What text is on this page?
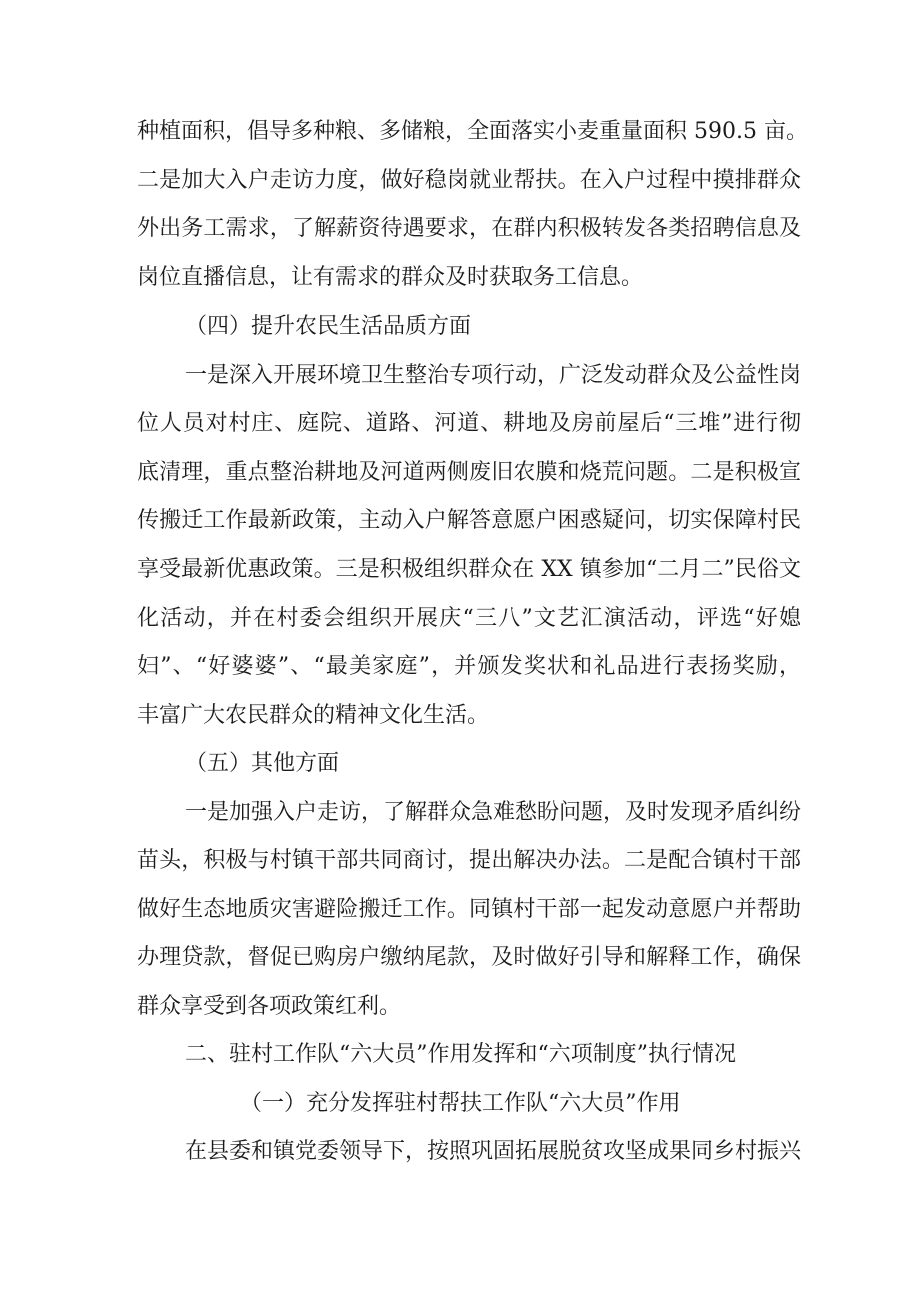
种植面积，倡导多种粮、多储粮，全面落实小麦重量面积 590.5 亩。
二是加大入户走访力度，做好稳岗就业帮扶。在入户过程中摸排群众
外出务工需求，了解薪资待遇要求，在群内积极转发各类招聘信息及
岗位直播信息，让有需求的群众及时获取务工信息。
（四）提升农民生活品质方面
一是深入开展环境卫生整治专项行动，广泛发动群众及公益性岗
位人员对村庄、庭院、道路、河道、耕地及房前屋后“三堆”进行彻
底清理，重点整治耕地及河道两侧废旧农膜和烧荒问题。二是积极宣
传搬迁工作最新政策，主动入户解答意愿户困惑疑问，切实保障村民
享受最新优惠政策。三是积极组织群众在 XX 镇参加“二月二”民俗文
化活动，并在村委会组织开展庆“三八”文艺汇演活动，评选“好媳
妇”、“好婆婆”、“最美家庭”，并颁发奖状和礼品进行表扬奖励，
丰富广大农民群众的精神文化生活。
（五）其他方面
一是加强入户走访，了解群众急难愁盼问题，及时发现矛盾纠纷
苗头，积极与村镇干部共同商讨，提出解决办法。二是配合镇村干部
做好生态地质灾害避险搬迁工作。同镇村干部一起发动意愿户并帮助
办理贷款，督促已购房户缴纳尾款，及时做好引导和解释工作，确保
群众享受到各项政策红利。
二、驻村工作队“六大员”作用发挥和“六项制度”执行情况
（一）充分发挥驻村帮扶工作队“六大员”作用
在县委和镇党委领导下，按照巩固拓展脱贫攻坚成果同乡村振兴
